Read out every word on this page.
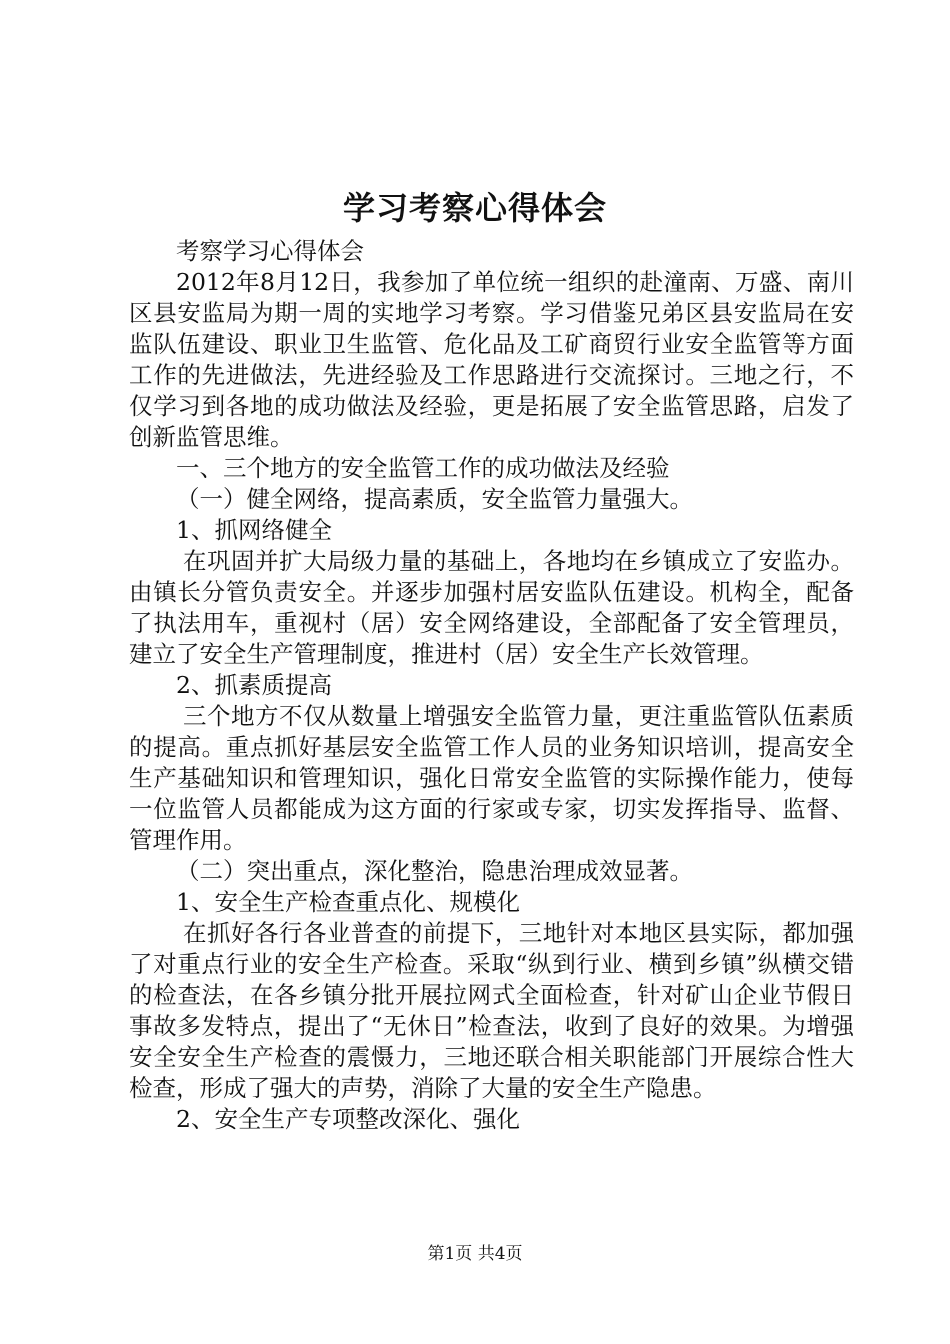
学习考察心得体会

考察学习心得体会

2012年8月12日，我参加了单位统一组织的赴潼南、万盛、南川区县安监局为期一周的实地学习考察。学习借鉴兄弟区县安监局在安监队伍建设、职业卫生监管、危化品及工矿商贸行业安全监管等方面工作的先进做法，先进经验及工作思路进行交流探讨。三地之行，不仅学习到各地的成功做法及经验，更是拓展了安全监管思路，启发了创新监管思维。

一、三个地方的安全监管工作的成功做法及经验

（一）健全网络，提高素质，安全监管力量强大。

1、抓网络健全

在巩固并扩大局级力量的基础上，各地均在乡镇成立了安监办。由镇长分管负责安全。并逐步加强村居安监队伍建设。机构全，配备了执法用车，重视村（居）安全网络建设，全部配备了安全管理员，建立了安全生产管理制度，推进村（居）安全生产长效管理。

2、抓素质提高

三个地方不仅从数量上增强安全监管力量，更注重监管队伍素质的提高。重点抓好基层安全监管工作人员的业务知识培训，提高安全生产基础知识和管理知识，强化日常安全监管的实际操作能力，使每一位监管人员都能成为这方面的行家或专家，切实发挥指导、监督、管理作用。

（二）突出重点，深化整治，隐患治理成效显著。

1、安全生产检查重点化、规模化

在抓好各行各业普查的前提下，三地针对本地区县实际，都加强了对重点行业的安全生产检查。采取“纵到行业、横到乡镇”纵横交错的检查法，在各乡镇分批开展拉网式全面检查，针对矿山企业节假日事故多发特点，提出了“无休日”检查法，收到了良好的效果。为增强安全安全生产检查的震慑力，三地还联合相关职能部门开展综合性大检查，形成了强大的声势，消除了大量的安全生产隐患。

2、安全生产专项整改深化、强化

第1页 共4页
